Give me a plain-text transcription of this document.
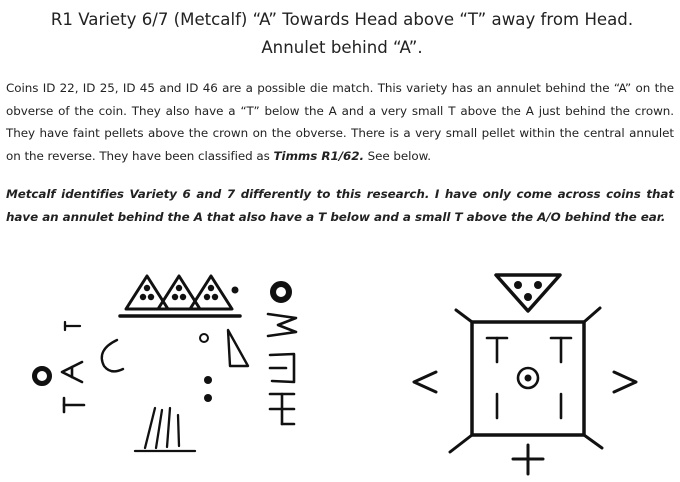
R1 Variety 6/7 (Metcalf) “A” Towards Head above “T” away from Head. Annulet behind “A”.
Coins ID 22, ID 25, ID 45 and ID 46 are a possible die match. This variety has an annulet behind the “A” on the obverse of the coin. They also have a “T” below the A and a very small T above the A just behind the crown. They have faint pellets above the crown on the obverse. There is a very small pellet within the central annulet on the reverse. They have been classified as Timms R1/62. See below.
Metcalf identifies Variety 6 and 7 differently to this research. I have only come across coins that have an annulet behind the A that also have a T below and a small T above the A/O behind the ear.
